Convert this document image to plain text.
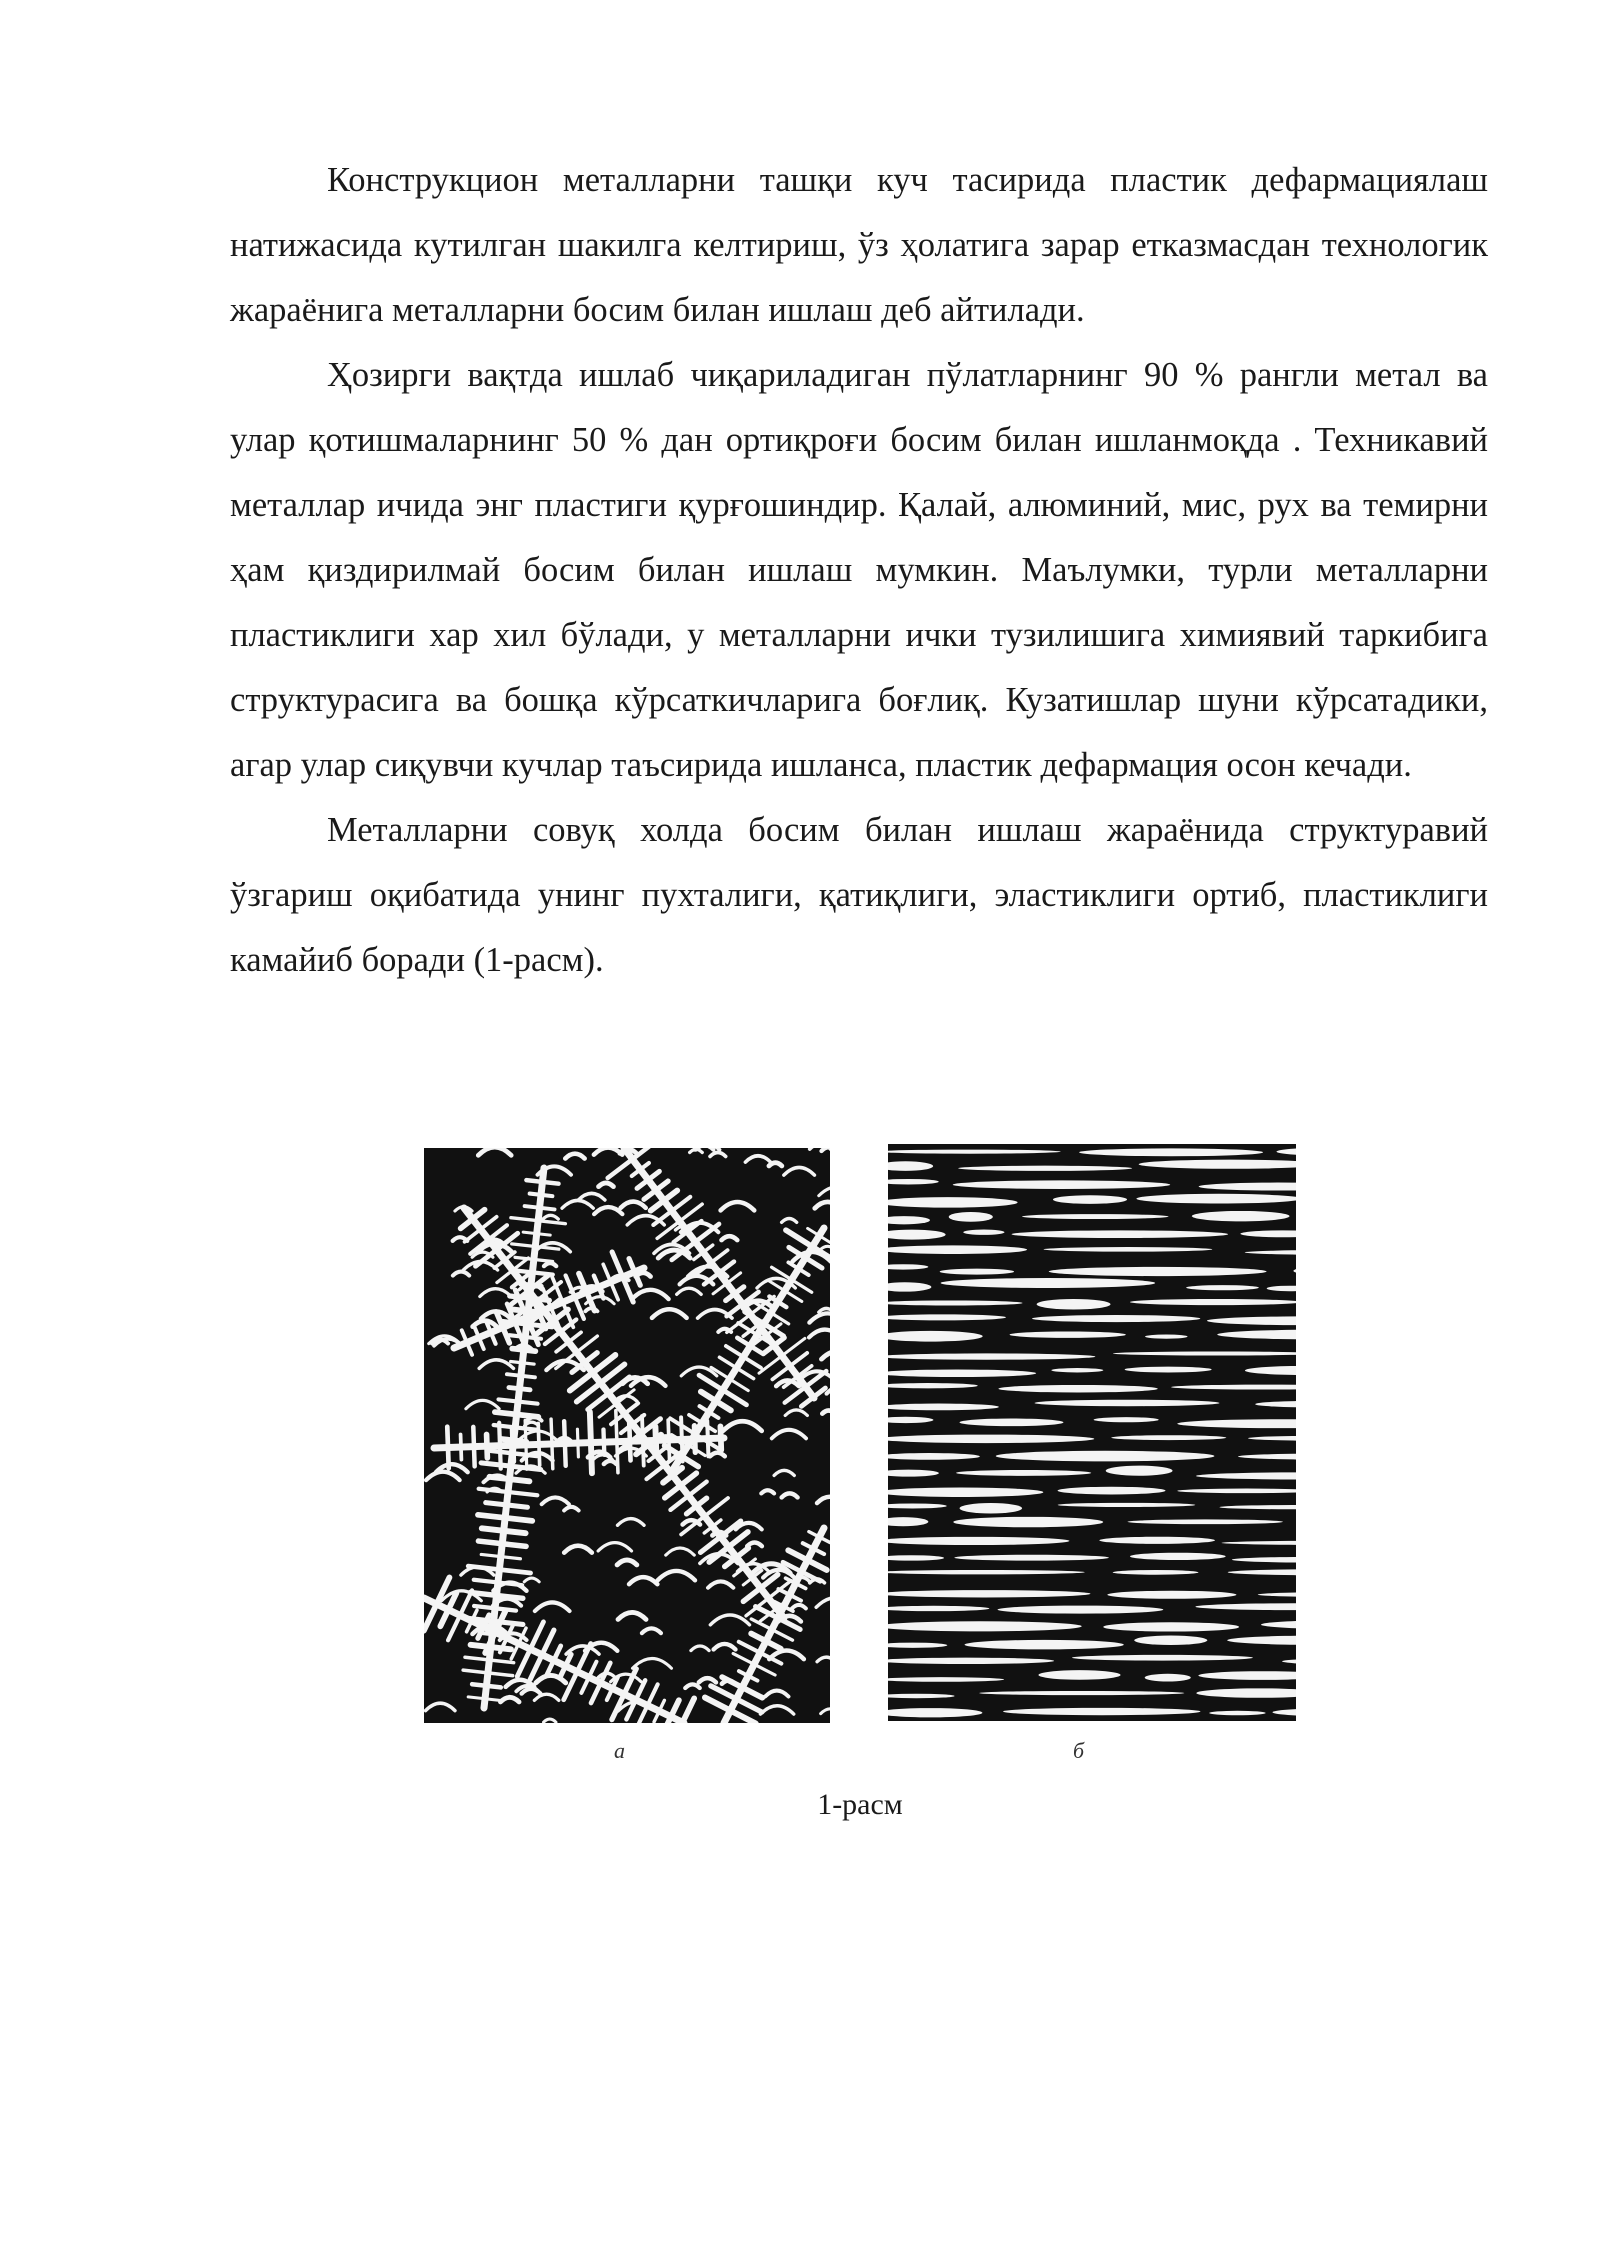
Конструкцион металларни ташқи куч тасирида пластик дефармациялаш натижасида кутилган шакилга келтириш, ўз ҳолатига зарар етказмасдан технологик жараёнига металларни босим билан ишлаш деб айтилади.

Ҳозирги вақтда ишлаб чиқариладиган пўлатларнинг 90 % рангли метал ва улар қотишмаларнинг 50 % дан ортиқроғи босим билан ишланмоқда . Техникавий металлар ичида энг пластиги қурғошиндир. Қалай, алюминий, мис, рух ва темирни ҳам қиздирилмай босим билан ишлаш мумкин. Маълумки, турли металларни пластиклиги хар хил бўлади, у металларни ички тузилишига химиявий таркибига структурасига ва бошқа кўрсаткичларига боғлиқ. Кузатишлар шуни кўрсатадики, агар улар сиқувчи кучлар таъсирида ишланса, пластик дефармация осон кечади.

Металларни совуқ холда босим билан ишлаш жараёнида структуравий ўзгариш оқибатида унинг пухталиги, қатиқлиги, эластиклиги ортиб, пластиклиги камайиб боради (1-расм).

а	б
1-расм
